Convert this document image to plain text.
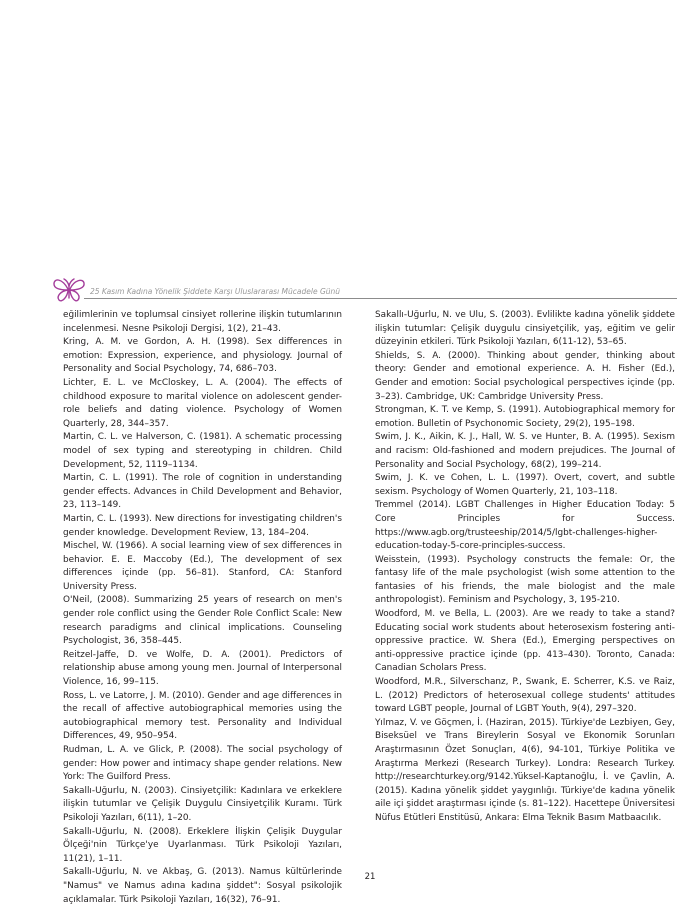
25 Kasım Kadına Yönelik Şiddete Karşı Uluslararası Mücadele Günü

eğilimlerinin ve toplumsal cinsiyet rollerine ilişkin tutumlarının incelenmesi. Nesne Psikoloji Dergisi, 1(2), 21–43.

Kring, A. M. ve Gordon, A. H. (1998). Sex differences in emotion: Expression, experience, and physiology. Journal of Personality and Social Psychology, 74, 686–703.

Lichter, E. L. ve McCloskey, L. A. (2004). The effects of childhood exposure to marital violence on adolescent gender-role beliefs and dating violence. Psychology of Women Quarterly, 28, 344–357.

Martin, C. L. ve Halverson, C. (1981). A schematic processing model of sex typing and stereotyping in children. Child Development, 52, 1119–1134.

Martin, C. L. (1991). The role of cognition in understanding gender effects. Advances in Child Development and Behavior, 23, 113–149.

Martin, C. L. (1993). New directions for investigating children's gender knowledge. Development Review, 13, 184–204.

Mischel, W. (1966). A social learning view of sex differences in behavior. E. E. Maccoby (Ed.), The development of sex differences içinde (pp. 56–81). Stanford, CA: Stanford University Press.

O'Neil, (2008). Summarizing 25 years of research on men's gender role conflict using the Gender Role Conflict Scale: New research paradigms and clinical implications. Counseling Psychologist, 36, 358–445.

Reitzel-Jaffe, D. ve Wolfe, D. A. (2001). Predictors of relationship abuse among young men. Journal of Interpersonal Violence, 16, 99–115.

Ross, L. ve Latorre, J. M. (2010). Gender and age differences in the recall of affective autobiographical memories using the autobiographical memory test. Personality and Individual Differences, 49, 950–954.

Rudman, L. A. ve Glick, P. (2008). The social psychology of gender: How power and intimacy shape gender relations. New York: The Guilford Press.

Sakallı-Uğurlu, N. (2003). Cinsiyetçilik: Kadınlara ve erkeklere ilişkin tutumlar ve Çelişik Duygulu Cinsiyetçilik Kuramı. Türk Psikoloji Yazıları, 6(11), 1–20.

Sakallı-Uğurlu, N. (2008). Erkeklere İlişkin Çelişik Duygular Ölçeği'nin Türkçe'ye Uyarlanması. Türk Psikoloji Yazıları, 11(21), 1–11.

Sakallı-Uğurlu, N. ve Akbaş, G. (2013). Namus kültürlerinde "Namus" ve Namus adına kadına şiddet": Sosyal psikolojik açıklamalar. Türk Psikoloji Yazıları, 16(32), 76–91.

Sakallı-Uğurlu, N. ve Ulu, S. (2003). Evlilikte kadına yönelik şiddete ilişkin tutumlar: Çelişik duygulu cinsiyetçilik, yaş, eğitim ve gelir düzeyinin etkileri. Türk Psikoloji Yazıları, 6(11-12), 53–65.

Shields, S. A. (2000). Thinking about gender, thinking about theory: Gender and emotional experience. A. H. Fisher (Ed.), Gender and emotion: Social psychological perspectives içinde (pp. 3–23). Cambridge, UK: Cambridge University Press.

Strongman, K. T. ve Kemp, S. (1991). Autobiographical memory for emotion. Bulletin of Psychonomic Society, 29(2), 195–198.

Swim, J. K., Aikin, K. J., Hall, W. S. ve Hunter, B. A. (1995). Sexism and racism: Old-fashioned and modern prejudices. The Journal of Personality and Social Psychology, 68(2), 199–214.

Swim, J. K. ve Cohen, L. L. (1997). Overt, covert, and subtle sexism. Psychology of Women Quarterly, 21, 103–118.

Tremmel (2014). LGBT Challenges in Higher Education Today: 5 Core Principles for Success. https://www.agb.org/trusteeship/2014/5/lgbt-challenges-higher-education-today-5-core-principles-success.

Weisstein, (1993). Psychology constructs the female: Or, the fantasy life of the male psychologist (wish some attention to the fantasies of his friends, the male biologist and the male anthropologist). Feminism and Psychology, 3, 195-210.

Woodford, M. ve Bella, L. (2003). Are we ready to take a stand? Educating social work students about heterosexism fostering anti-oppressive practice. W. Shera (Ed.), Emerging perspectives on anti-oppressive practice içinde (pp. 413–430). Toronto, Canada: Canadian Scholars Press.

Woodford, M.R., Silverschanz, P., Swank, E. Scherrer, K.S. ve Raiz, L. (2012) Predictors of heterosexual college students' attitudes toward LGBT people, Journal of LGBT Youth, 9(4), 297–320.

Yılmaz, V. ve Göçmen, İ. (Haziran, 2015). Türkiye'de Lezbiyen, Gey, Biseksüel ve Trans Bireylerin Sosyal ve Ekonomik Sorunları Araştırmasının Özet Sonuçları, 4(6), 94-101, Türkiye Politika ve Araştırma Merkezi (Research Turkey). Londra: Research Turkey. http://researchturkey.org/9142.Yüksel-Kaptanoğlu, İ. ve Çavlin, A. (2015). Kadına yönelik şiddet yaygınlığı. Türkiye'de kadına yönelik aile içi şiddet araştırması içinde (s. 81–122). Hacettepe Üniversitesi Nüfus Etütleri Enstitüsü, Ankara: Elma Teknik Basım Matbaacılık.

21
